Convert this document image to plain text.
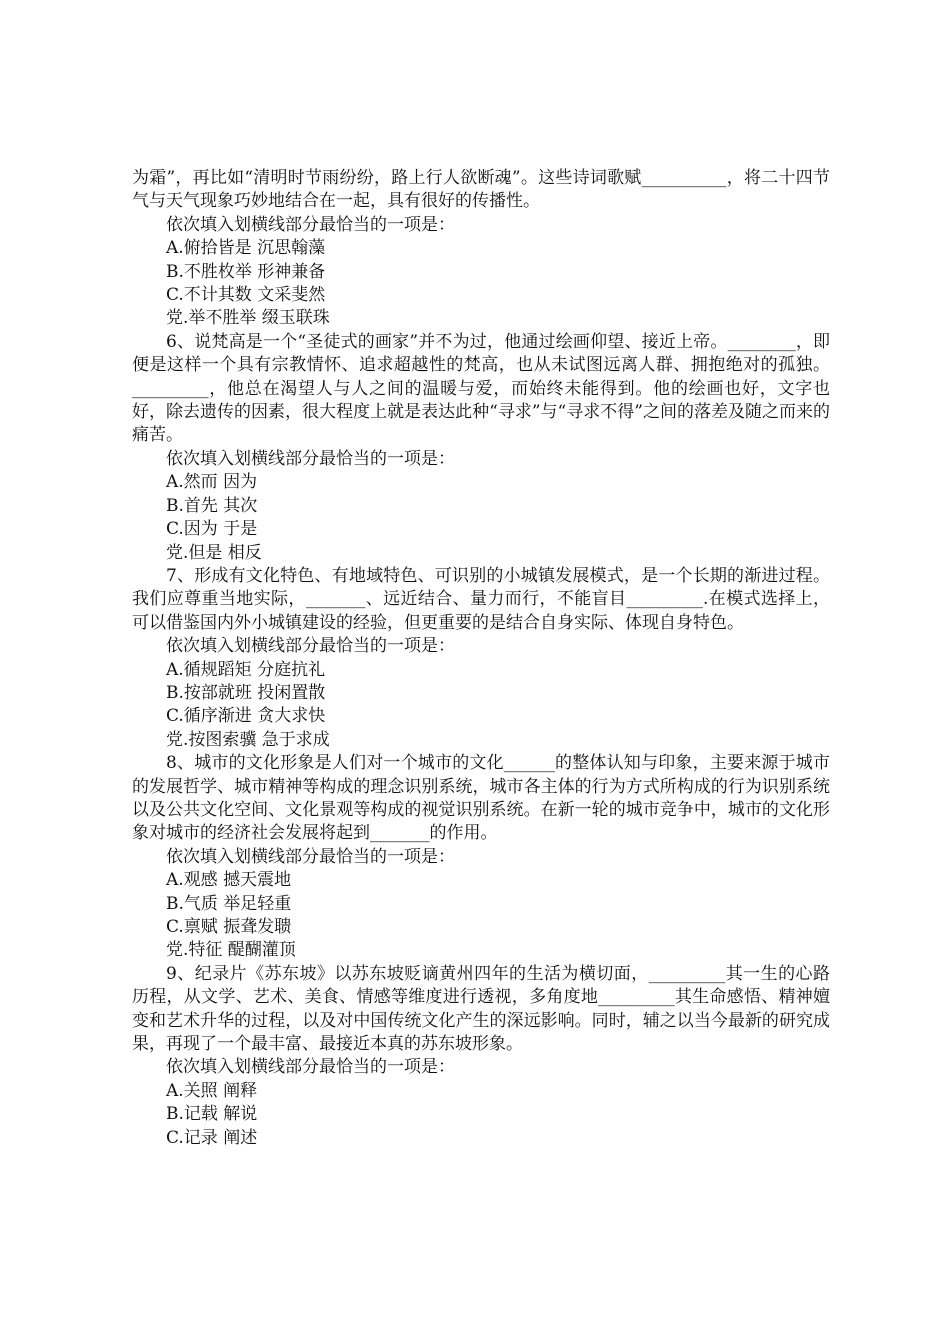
为霜”，再比如“清明时节雨纷纷，路上行人欲断魂”。这些诗词歌赋__________，将二十四节气与天气现象巧妙地结合在一起，具有很好的传播性。

依次填入划横线部分最恰当的一项是：

A.俯拾皆是 沉思翰藻

B.不胜枚举 形神兼备

C.不计其数 文采斐然

党.举不胜举 缀玉联珠

6、说梵高是一个“圣徒式的画家”并不为过，他通过绘画仰望、接近上帝。________，即便是这样一个具有宗教情怀、追求超越性的梵高，也从未试图远离人群、拥抱绝对的孤独。_________，他总在渴望人与人之间的温暖与爱，而始终未能得到。他的绘画也好，文字也好，除去遗传的因素，很大程度上就是表达此种“寻求”与“寻求不得”之间的落差及随之而来的痛苦。

依次填入划横线部分最恰当的一项是：

A.然而 因为

B.首先 其次

C.因为 于是

党.但是 相反

7、形成有文化特色、有地域特色、可识别的小城镇发展模式，是一个长期的渐进过程。我们应尊重当地实际，_______、远近结合、量力而行，不能盲目_________.在模式选择上，可以借鉴国内外小城镇建设的经验，但更重要的是结合自身实际、体现自身特色。

依次填入划横线部分最恰当的一项是：

A.循规蹈矩 分庭抗礼

B.按部就班 投闲置散

C.循序渐进 贪大求快

党.按图索骥 急于求成

8、城市的文化形象是人们对一个城市的文化______的整体认知与印象，主要来源于城市的发展哲学、城市精神等构成的理念识别系统，城市各主体的行为方式所构成的行为识别系统以及公共文化空间、文化景观等构成的视觉识别系统。在新一轮的城市竞争中，城市的文化形象对城市的经济社会发展将起到_______的作用。

依次填入划横线部分最恰当的一项是：

A.观感 撼天震地

B.气质 举足轻重

C.禀赋 振聋发聩

党.特征 醍醐灌顶

9、纪录片《苏东坡》以苏东坡贬谪黄州四年的生活为横切面，_________其一生的心路历程，从文学、艺术、美食、情感等维度进行透视，多角度地_________其生命感悟、精神嬗变和艺术升华的过程，以及对中国传统文化产生的深远影响。同时，辅之以当今最新的研究成果，再现了一个最丰富、最接近本真的苏东坡形象。

依次填入划横线部分最恰当的一项是：

A.关照 阐释

B.记载 解说

C.记录 阐述
